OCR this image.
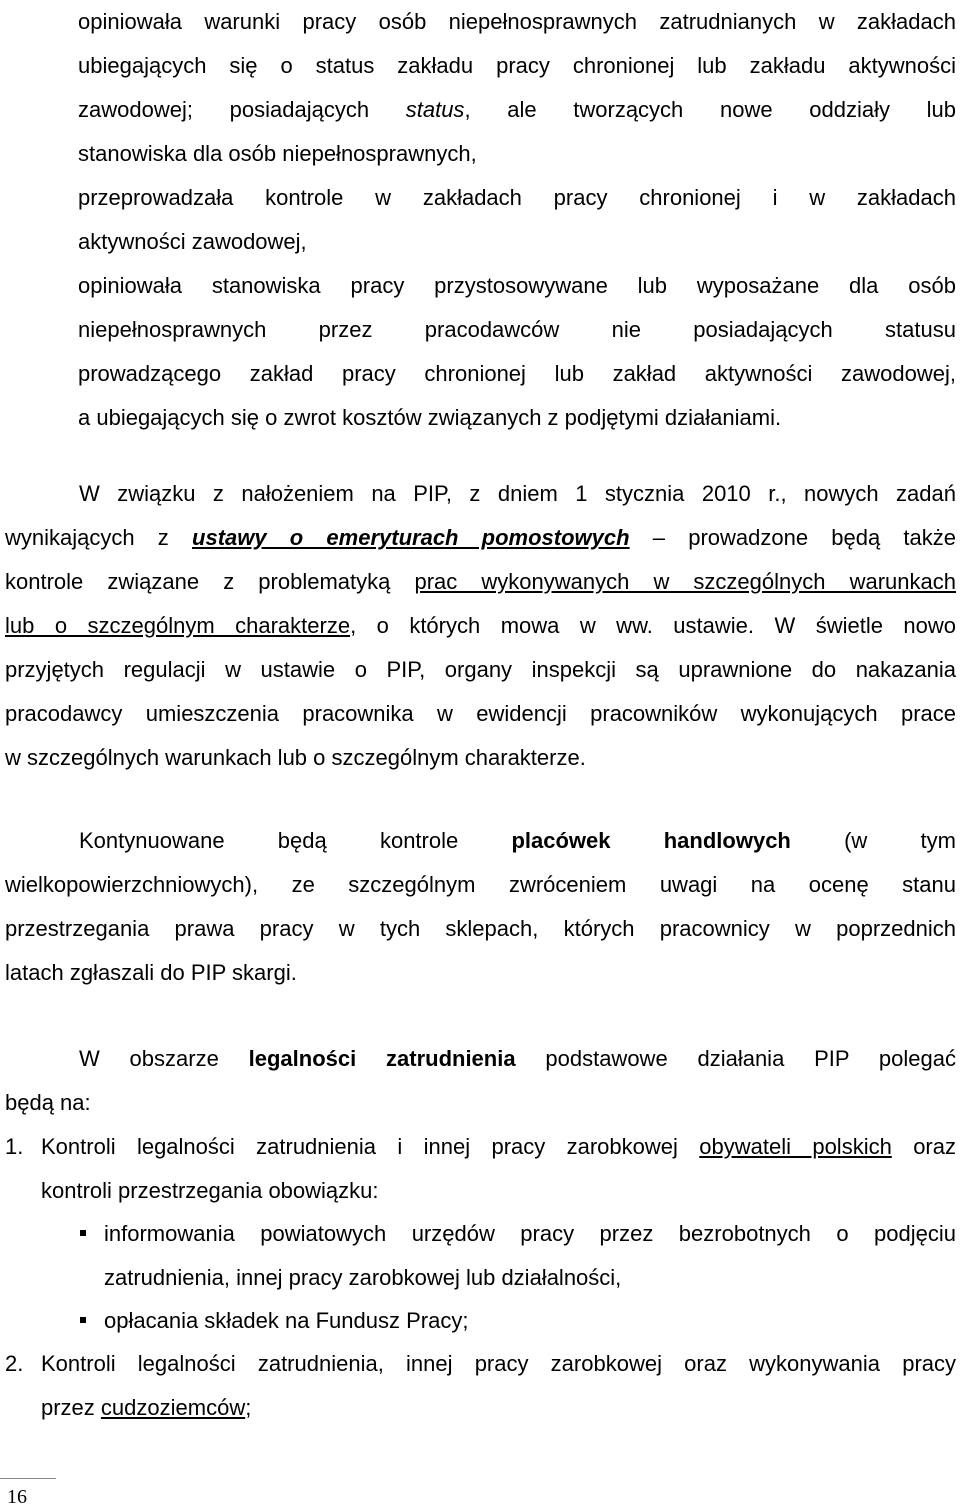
opiniowała warunki pracy osób niepełnosprawnych zatrudnianych w zakładach
ubiegających się o status zakładu pracy chronionej lub zakładu aktywności
zawodowej; posiadających status, ale tworzących nowe oddziały lub
stanowiska dla osób niepełnosprawnych,
przeprowadzała kontrole w zakładach pracy chronionej i w zakładach
aktywności zawodowej,
opiniowała stanowiska pracy przystosowywane lub wyposażane dla osób
niepełnosprawnych przez pracodawców nie posiadających statusu
prowadzącego zakład pracy chronionej lub zakład aktywności zawodowej,
a ubiegających się o zwrot kosztów związanych z podjętymi działaniami.
W związku z nałożeniem na PIP, z dniem 1 stycznia 2010 r., nowych zadań
wynikających z ustawy o emeryturach pomostowych – prowadzone będą także
kontrole związane z problematyką prac wykonywanych w szczególnych warunkach
lub o szczególnym charakterze, o których mowa w ww. ustawie. W świetle nowo
przyjętych regulacji w ustawie o PIP, organy inspekcji są uprawnione do nakazania
pracodawcy umieszczenia pracownika w ewidencji pracowników wykonujących prace
w szczególnych warunkach lub o szczególnym charakterze.
Kontynuowane będą kontrole placówek handlowych (w tym
wielkopowierzchniowych), ze szczególnym zwróceniem uwagi na ocenę stanu
przestrzegania prawa pracy w tych sklepach, których pracownicy w poprzednich
latach zgłaszali do PIP skargi.
W obszarze legalności zatrudnienia podstawowe działania PIP polegać
będą na:
1. Kontroli legalności zatrudnienia i innej pracy zarobkowej obywateli polskich oraz
kontroli przestrzegania obowiązku:
informowania powiatowych urzędów pracy przez bezrobotnych o podjęciu
zatrudnienia, innej pracy zarobkowej lub działalności,
opłacania składek na Fundusz Pracy;
2. Kontroli legalności zatrudnienia, innej pracy zarobkowej oraz wykonywania pracy
przez cudzoziemców;
16
